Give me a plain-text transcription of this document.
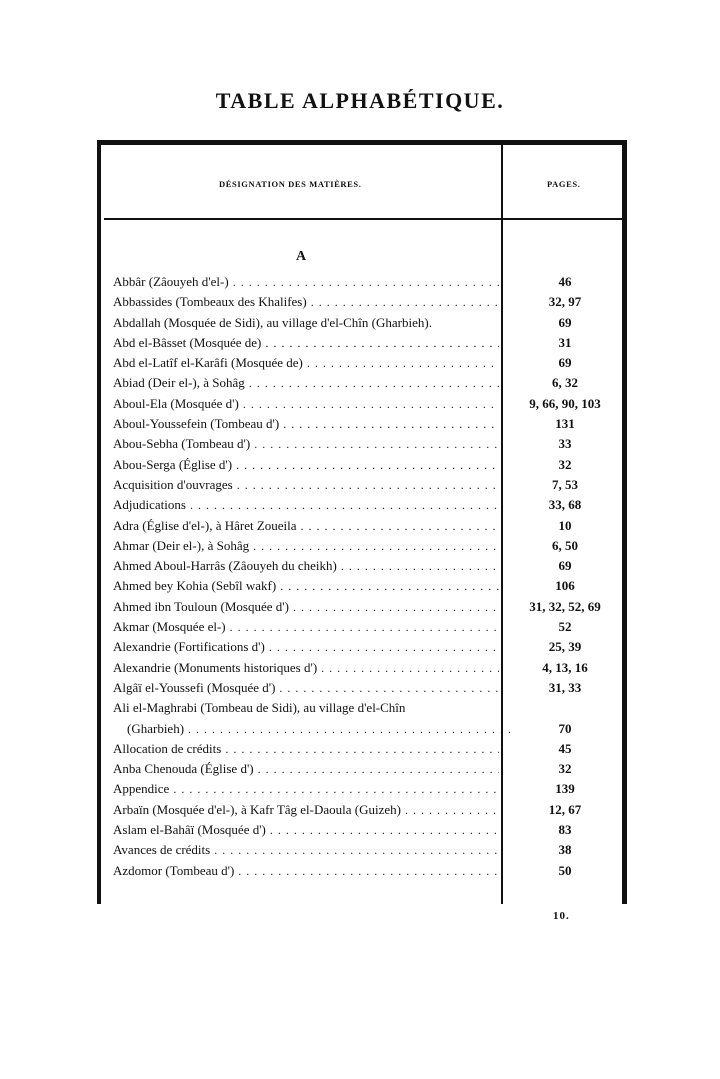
TABLE ALPHABÉTIQUE.
DÉSIGNATION DES MATIÈRES.	PAGES.
A
Abbâr (Zâouyeh d'el-) . . .	46
Abbassides (Tombeaux des Khalifes) . . .	32, 97
Abdallah (Mosquée de Sidi), au village d'el-Chîn (Gharbieh).	69
Abd el-Bâsset (Mosquée de) . . .	31
Abd el-Latîf el-Karâfi (Mosquée de) . . .	69
Abiad (Deir el-), à Sohâg . . .	6, 32
Aboul-Ela (Mosquée d') . . .	9, 66, 90, 103
Aboul-Youssefein (Tombeau d') . . .	131
Abou-Sebha (Tombeau d') . . .	33
Abou-Serga (Église d') . . .	32
Acquisition d'ouvrages . . .	7, 53
Adjudications . . .	33, 68
Adra (Église d'el-), à Hâret Zoueila . . .	10
Ahmar (Deir el-), à Sohâg . . .	6, 50
Ahmed Aboul-Harrâs (Zâouyeh du cheikh) . . .	69
Ahmed bey Kohia (Sebîl wakf) . . .	106
Ahmed ibn Touloun (Mosquée d') . . .	31, 32, 52, 69
Akmar (Mosquée el-) . . .	52
Alexandrie (Fortifications d') . . .	25, 39
Alexandrie (Monuments historiques d') . . .	4, 13, 16
Algâï el-Youssefi (Mosquée d') . . .	31, 33
Ali el-Maghrabi (Tombeau de Sidi), au village d'el-Chîn
(Gharbieh) . . .	70
Allocation de crédits . . .	45
Anba Chenouda (Église d') . . .	32
Appendice . . .	139
Arbaïn (Mosquée d'el-), à Kafr Tâg el-Daoula (Guizeh) . . .	12, 67
Aslam el-Bahâï (Mosquée d') . . .	83
Avances de crédits . . .	38
Azdomor (Tombeau d') . . .	50
10.
